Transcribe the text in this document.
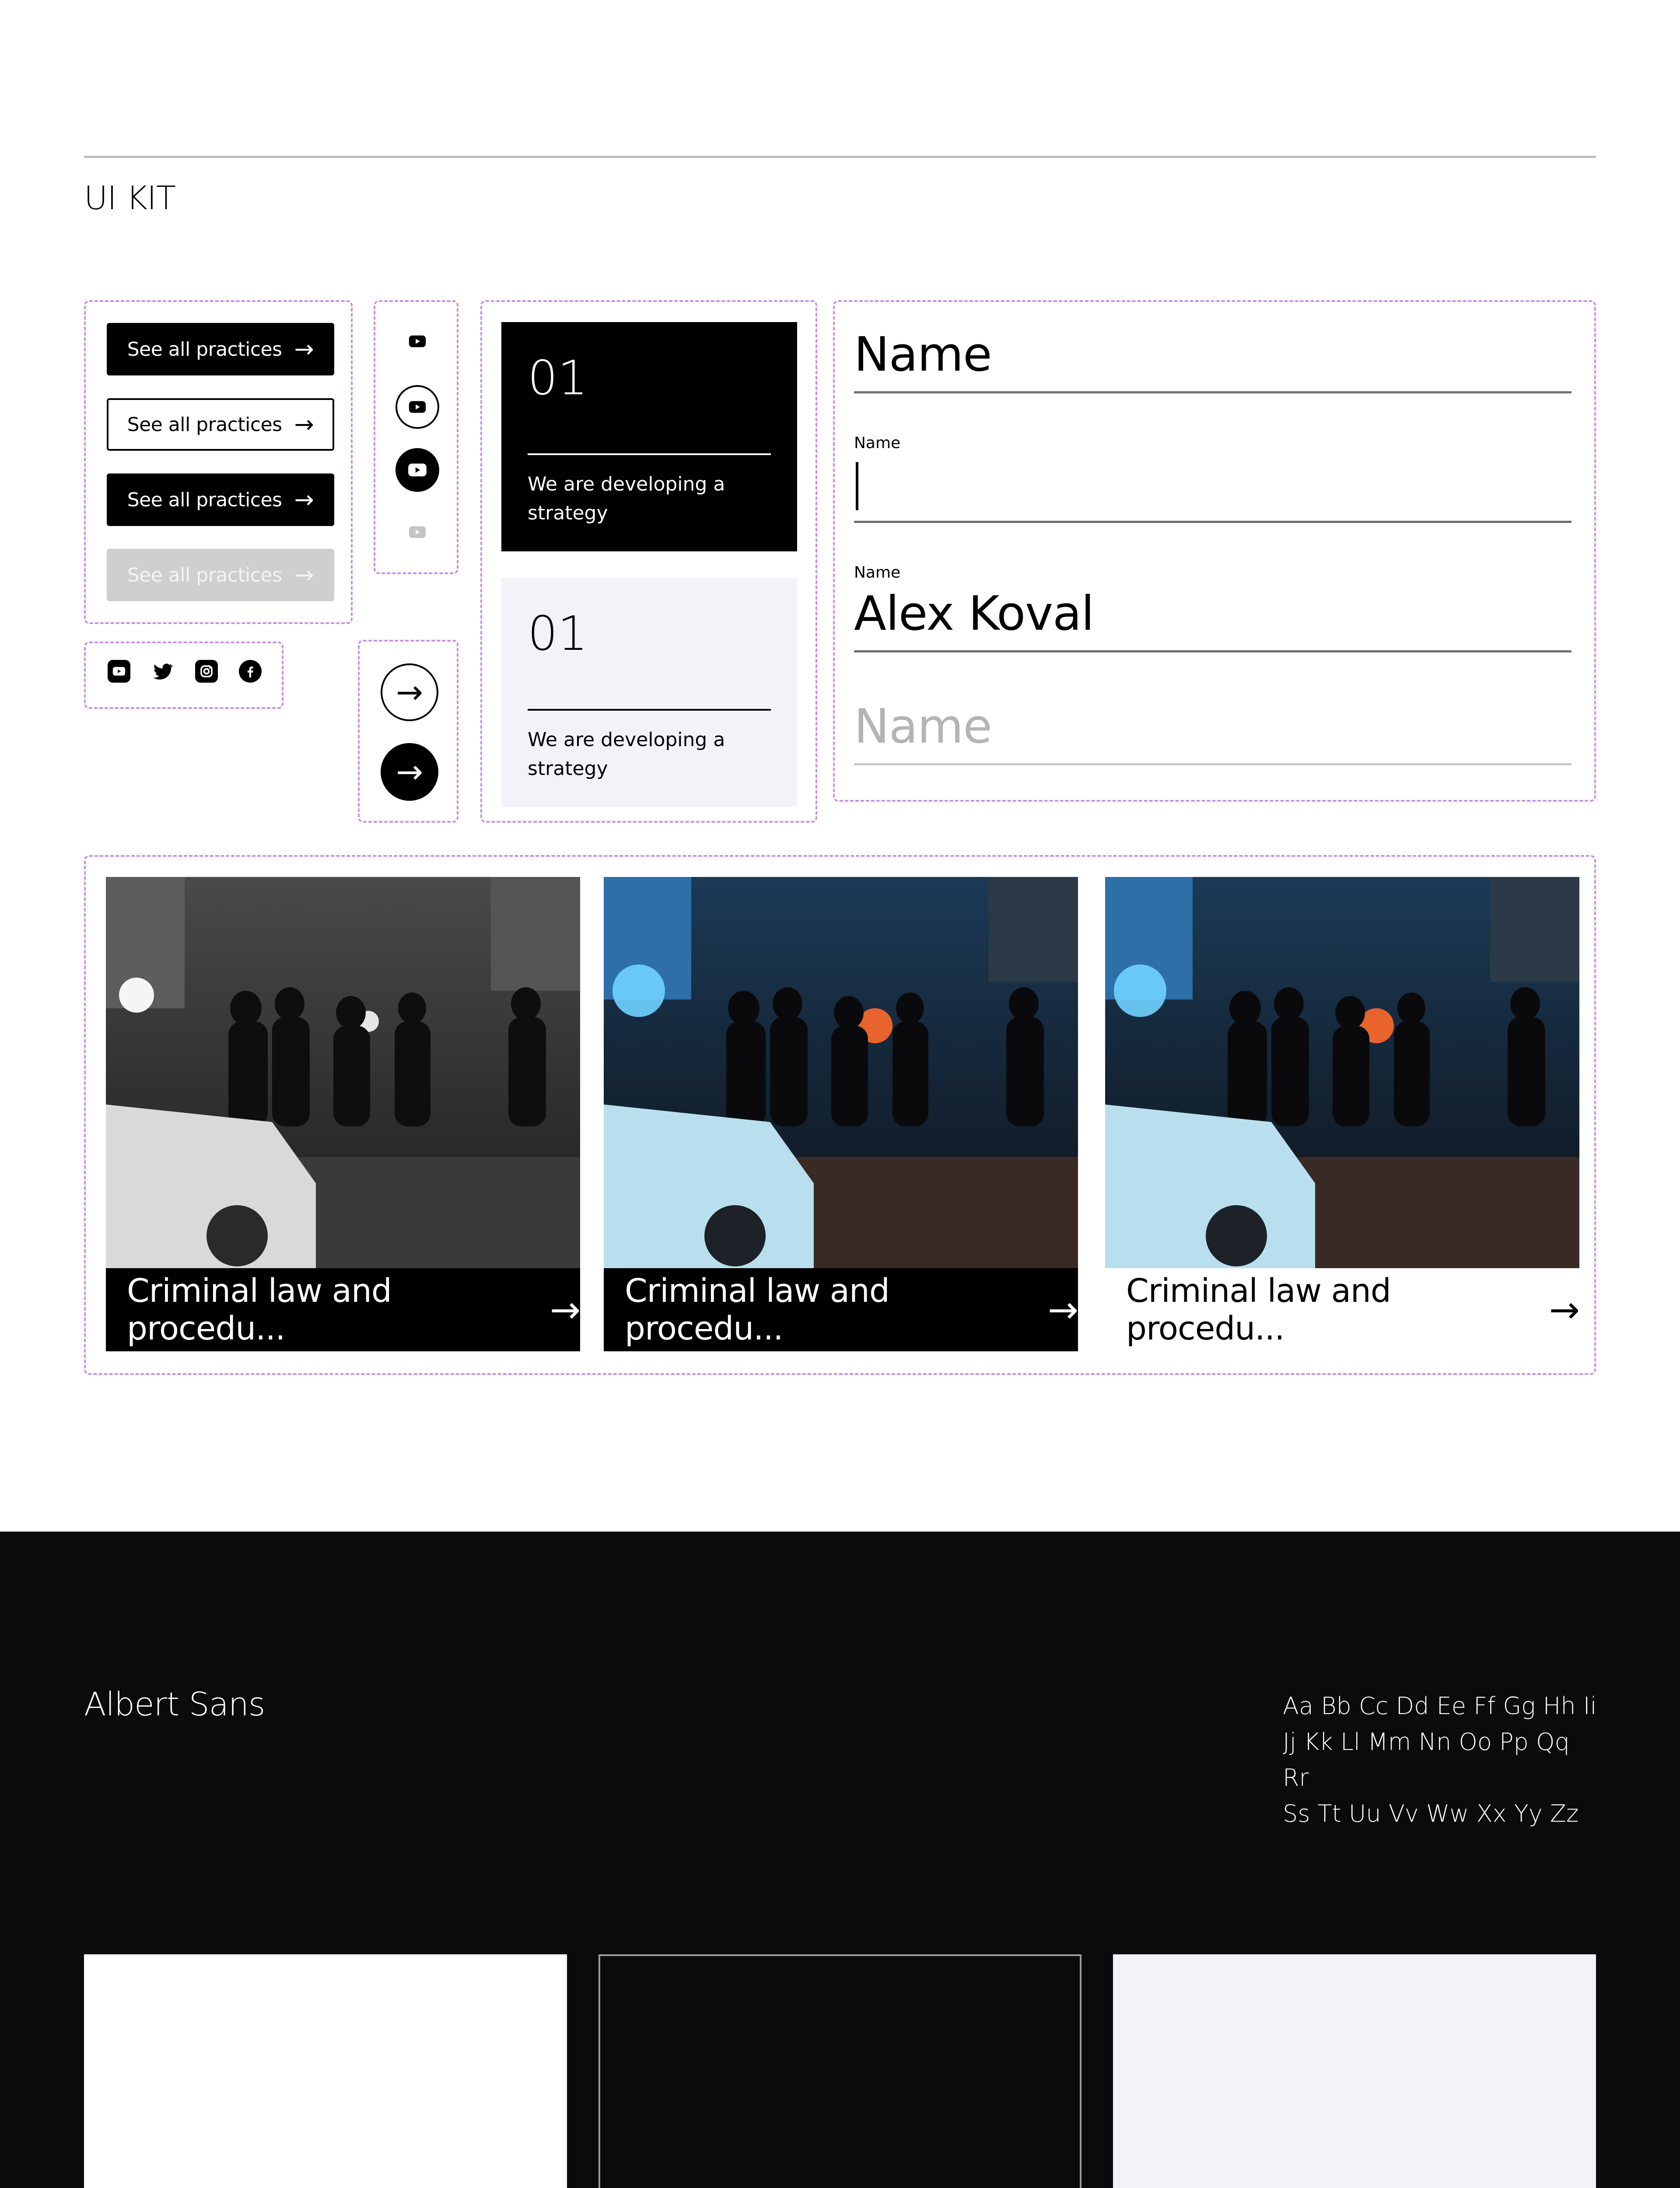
UI KIT
See all practices →
See all practices →
See all practices →
See all practices →
→
→
01
We are developing a strategy
01
We are developing a strategy
Name
Name
Name
Alex Koval
Name
Criminal law and procedu...	→ Criminal law and procedu...	→ Criminal law and procedu...	→
Albert Sans	Aa Bb Cc Dd Ee Ff Gg Hh Ii
Jj Kk Ll Mm Nn Oo Pp Qq Rr
Ss Tt Uu Vv Ww Xx Yy Zz
